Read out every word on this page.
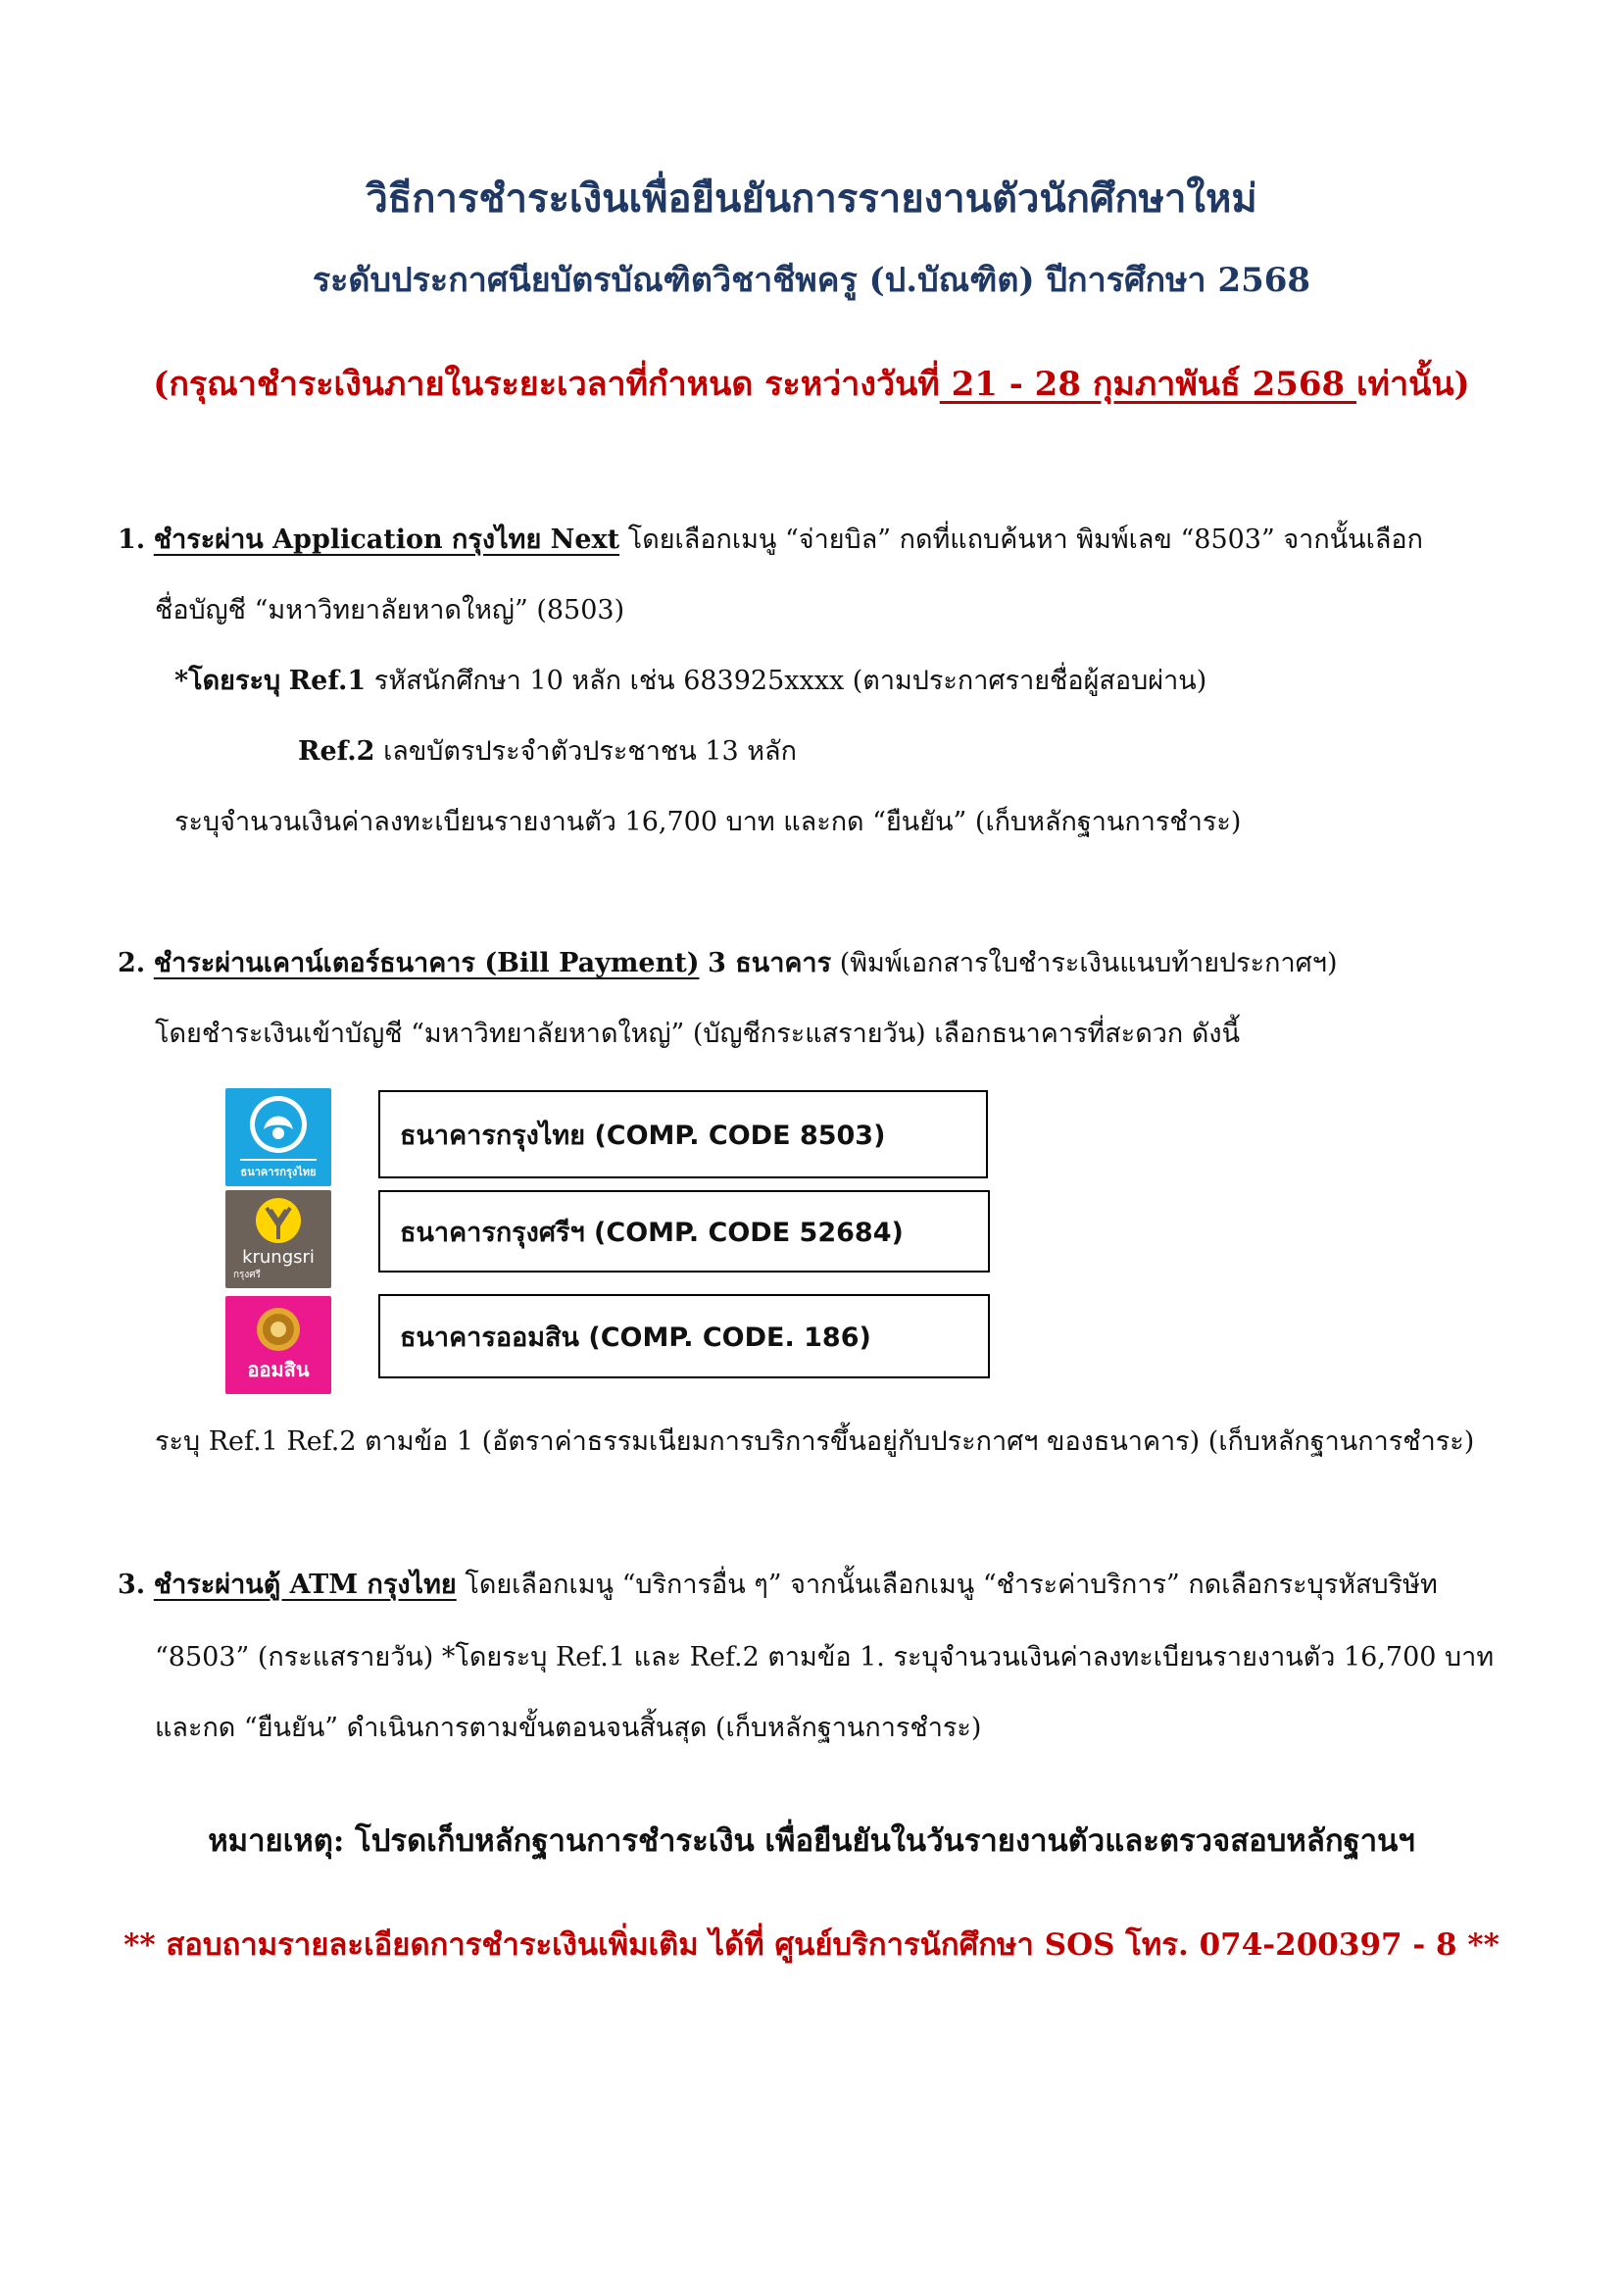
วิธีการชำระเงินเพื่อยืนยันการรายงานตัวนักศึกษาใหม่
ระดับประกาศนียบัตรบัณฑิตวิชาชีพครู (ป.บัณฑิต) ปีการศึกษา 2568
(กรุณาชำระเงินภายในระยะเวลาที่กำหนด ระหว่างวันที่ 21 - 28 กุมภาพันธ์ 2568 เท่านั้น)
1. ชำระผ่าน Application กรุงไทย Next โดยเลือกเมนู “จ่ายบิล” กดที่แถบค้นหา พิมพ์เลข “8503” จากนั้นเลือก
ชื่อบัญชี “มหาวิทยาลัยหาดใหญ่” (8503)
*โดยระบุ Ref.1 รหัสนักศึกษา 10 หลัก เช่น 683925xxxx (ตามประกาศรายชื่อผู้สอบผ่าน)
Ref.2 เลขบัตรประจำตัวประชาชน 13 หลัก
ระบุจำนวนเงินค่าลงทะเบียนรายงานตัว 16,700 บาท และกด “ยืนยัน” (เก็บหลักฐานการชำระ)
2. ชำระผ่านเคาน์เตอร์ธนาคาร (Bill Payment) 3 ธนาคาร (พิมพ์เอกสารใบชำระเงินแนบท้ายประกาศฯ)
โดยชำระเงินเข้าบัญชี “มหาวิทยาลัยหาดใหญ่” (บัญชีกระแสรายวัน) เลือกธนาคารที่สะดวก ดังนี้
ธนาคารกรุงไทย
krungsri
กรุงศรี
ออมสิน
ธนาคารกรุงไทย (COMP. CODE 8503)
ธนาคารกรุงศรีฯ (COMP. CODE 52684)
ธนาคารออมสิน (COMP. CODE. 186)
ระบุ Ref.1 Ref.2 ตามข้อ 1 (อัตราค่าธรรมเนียมการบริการขึ้นอยู่กับประกาศฯ ของธนาคาร) (เก็บหลักฐานการชำระ)
3. ชำระผ่านตู้ ATM กรุงไทย โดยเลือกเมนู “บริการอื่น ๆ” จากนั้นเลือกเมนู “ชำระค่าบริการ” กดเลือกระบุรหัสบริษัท
“8503” (กระแสรายวัน) *โดยระบุ Ref.1 และ Ref.2 ตามข้อ 1. ระบุจำนวนเงินค่าลงทะเบียนรายงานตัว 16,700 บาท
และกด “ยืนยัน” ดำเนินการตามขั้นตอนจนสิ้นสุด (เก็บหลักฐานการชำระ)
หมายเหตุ: โปรดเก็บหลักฐานการชำระเงิน เพื่อยืนยันในวันรายงานตัวและตรวจสอบหลักฐานฯ
** สอบถามรายละเอียดการชำระเงินเพิ่มเติม ได้ที่ ศูนย์บริการนักศึกษา SOS โทร. 074-200397 - 8 **
